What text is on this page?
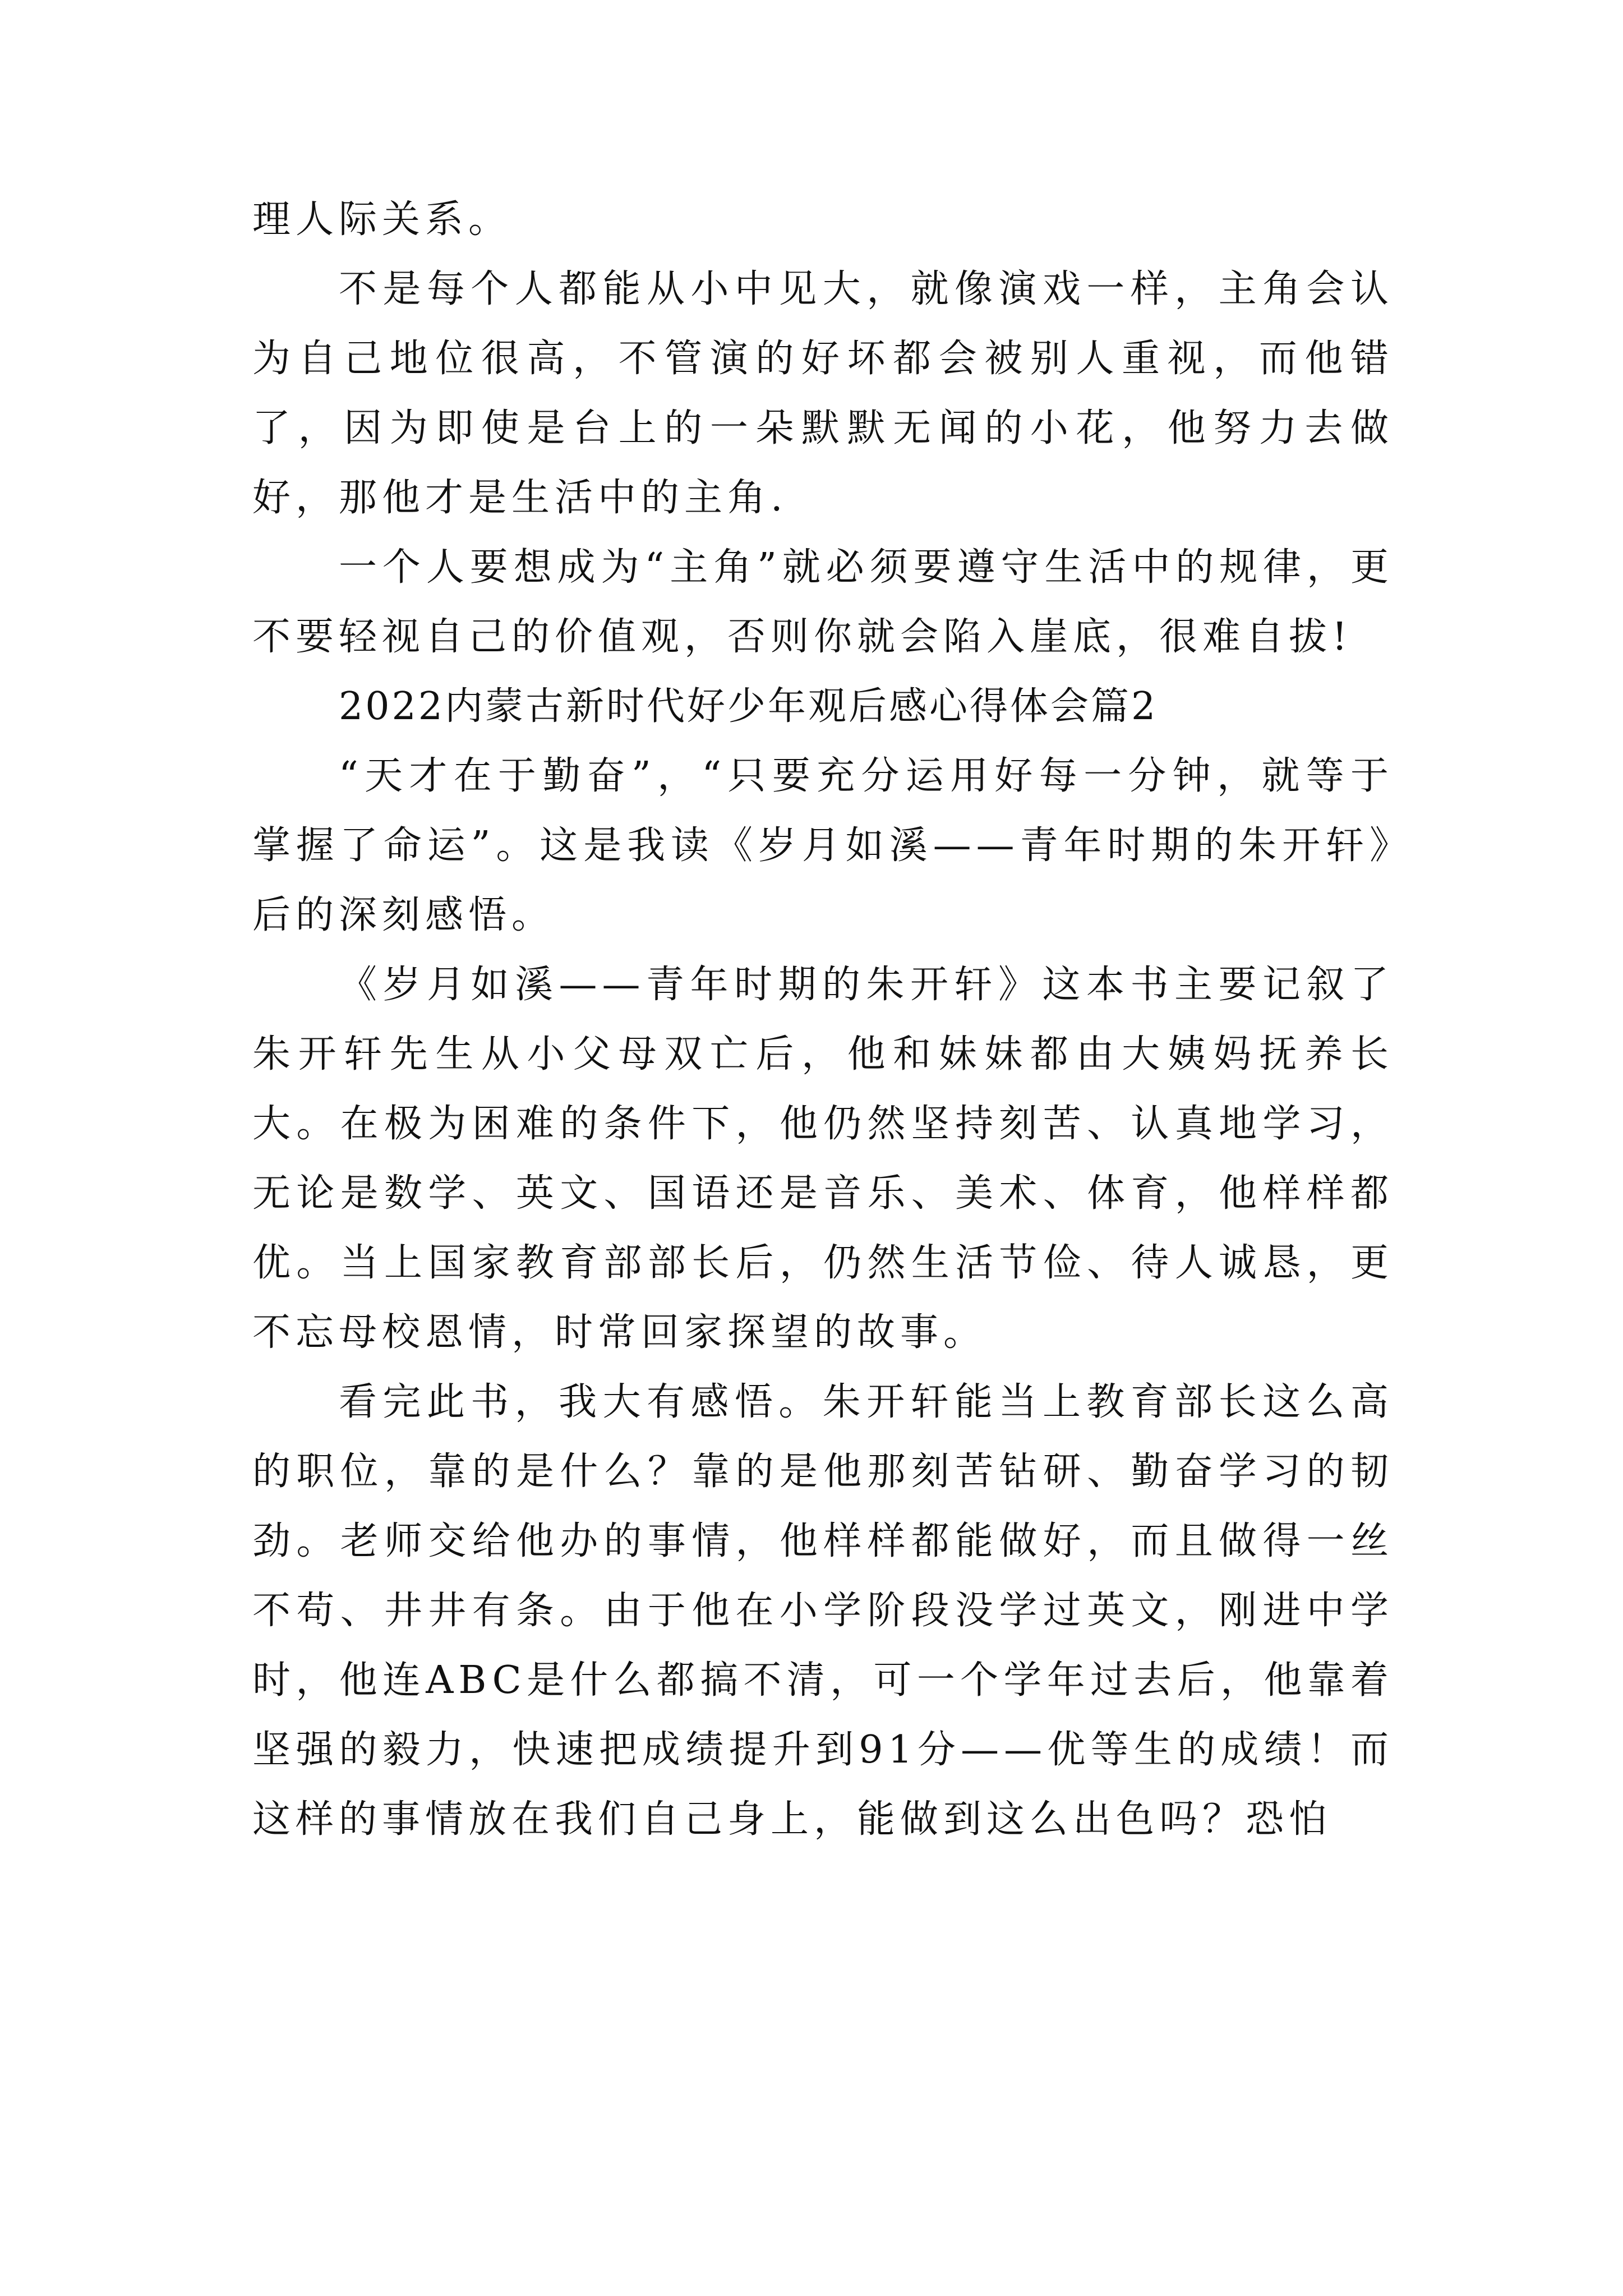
理人际关系。

不是每个人都能从小中见大，就像演戏一样，主角会认为自己地位很高，不管演的好坏都会被别人重视，而他错了，因为即使是台上的一朵默默无闻的小花，他努力去做好，那他才是生活中的主角.

一个人要想成为“主角”就必须要遵守生活中的规律，更不要轻视自己的价值观，否则你就会陷入崖底，很难自拔!

2022内蒙古新时代好少年观后感心得体会篇2

“天才在于勤奋”，“只要充分运用好每一分钟，就等于掌握了命运”。这是我读《岁月如溪——青年时期的朱开轩》后的深刻感悟。

《岁月如溪——青年时期的朱开轩》这本书主要记叙了朱开轩先生从小父母双亡后，他和妹妹都由大姨妈抚养长大。在极为困难的条件下，他仍然坚持刻苦、认真地学习，无论是数学、英文、国语还是音乐、美术、体育，他样样都优。当上国家教育部部长后，仍然生活节俭、待人诚恳，更不忘母校恩情，时常回家探望的故事。

看完此书，我大有感悟。朱开轩能当上教育部长这么高的职位，靠的是什么？靠的是他那刻苦钻研、勤奋学习的韧劲。老师交给他办的事情，他样样都能做好，而且做得一丝不苟、井井有条。由于他在小学阶段没学过英文，刚进中学时，他连ABC是什么都搞不清，可一个学年过去后，他靠着坚强的毅力，快速把成绩提升到91分——优等生的成绩！而这样的事情放在我们自己身上，能做到这么出色吗？恐怕
